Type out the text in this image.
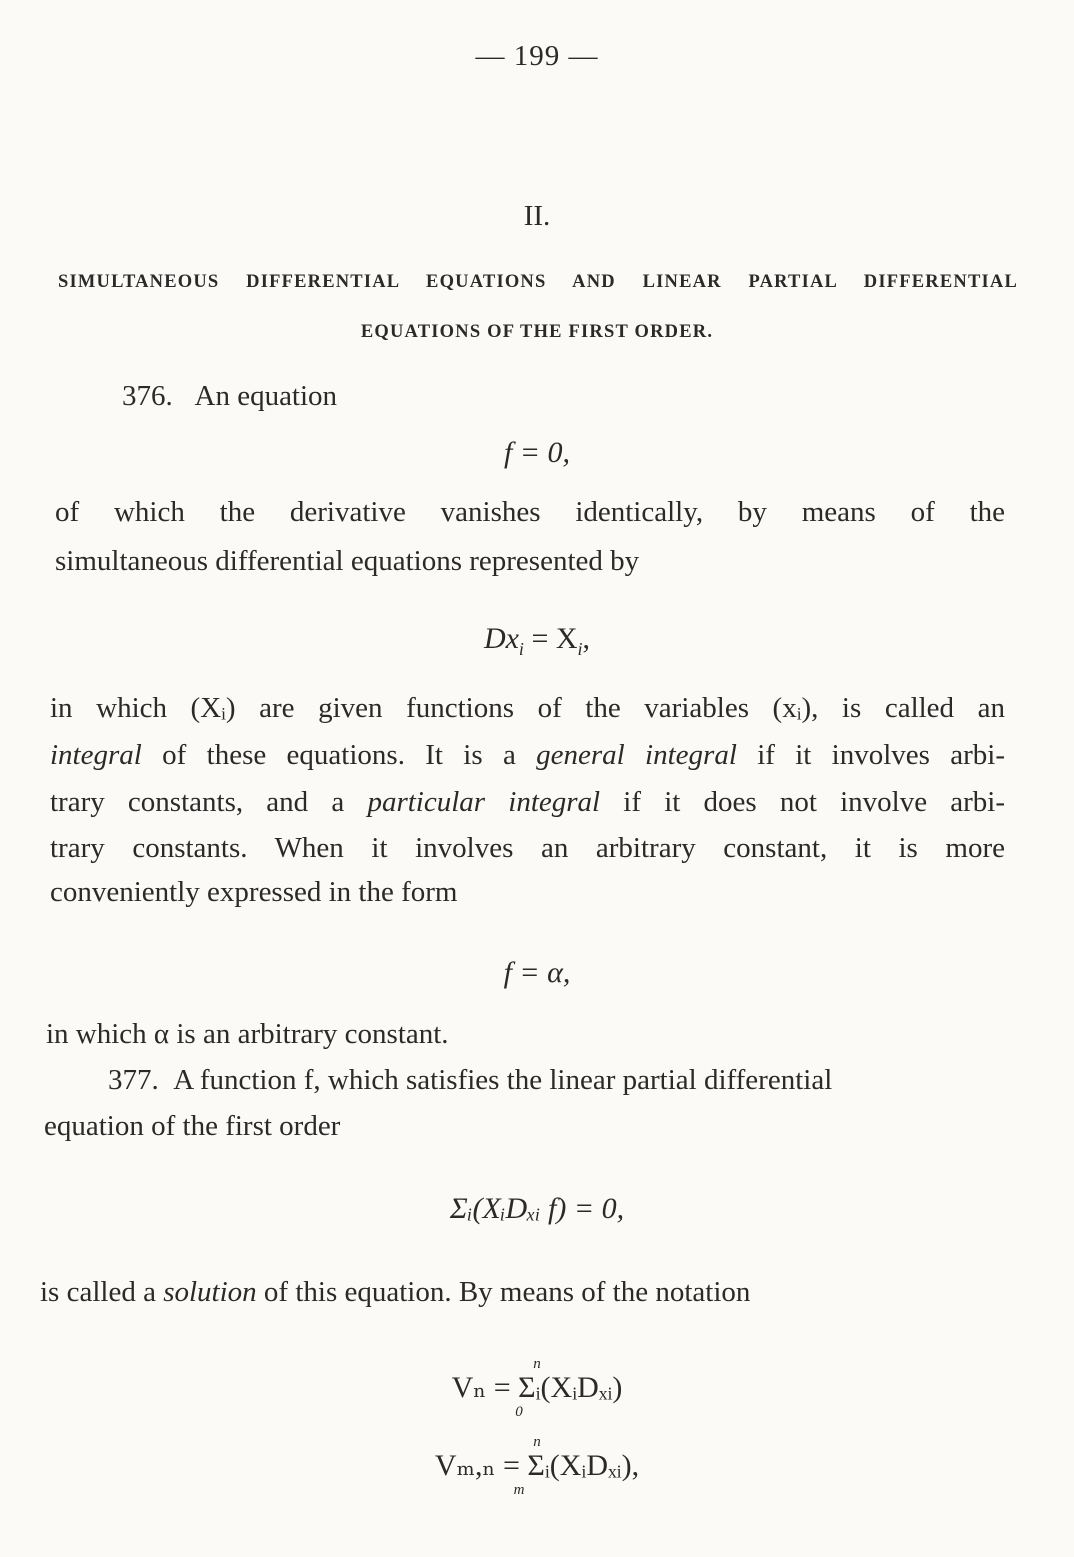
— 199 —
II.
SIMULTANEOUS DIFFERENTIAL EQUATIONS AND LINEAR PARTIAL DIFFERENTIAL
EQUATIONS OF THE FIRST ORDER.
376. An equation
f = 0,
of which the derivative vanishes identically, by means of the
simultaneous differential equations represented by
$Dx_i = X_i$,
in which (Xᵢ) are given functions of the variables (xᵢ), is called an
integral of these equations. It is a general integral if it involves arbi-
trary constants, and a particular integral if it does not involve arbi-
trary constants. When it involves an arbitrary constant, it is more
conveniently expressed in the form
f = α,
in which α is an arbitrary constant.
377. A function f, which satisfies the linear partial differential
equation of the first order
Σᵢ(XᵢDₓᵢ f) = 0,
is called a solution of this equation. By means of the notation
n
Vₙ = Σᵢ(XᵢDₓᵢ)
0
n
Vₘ,ₙ = Σᵢ(XᵢDₓᵢ),
m
